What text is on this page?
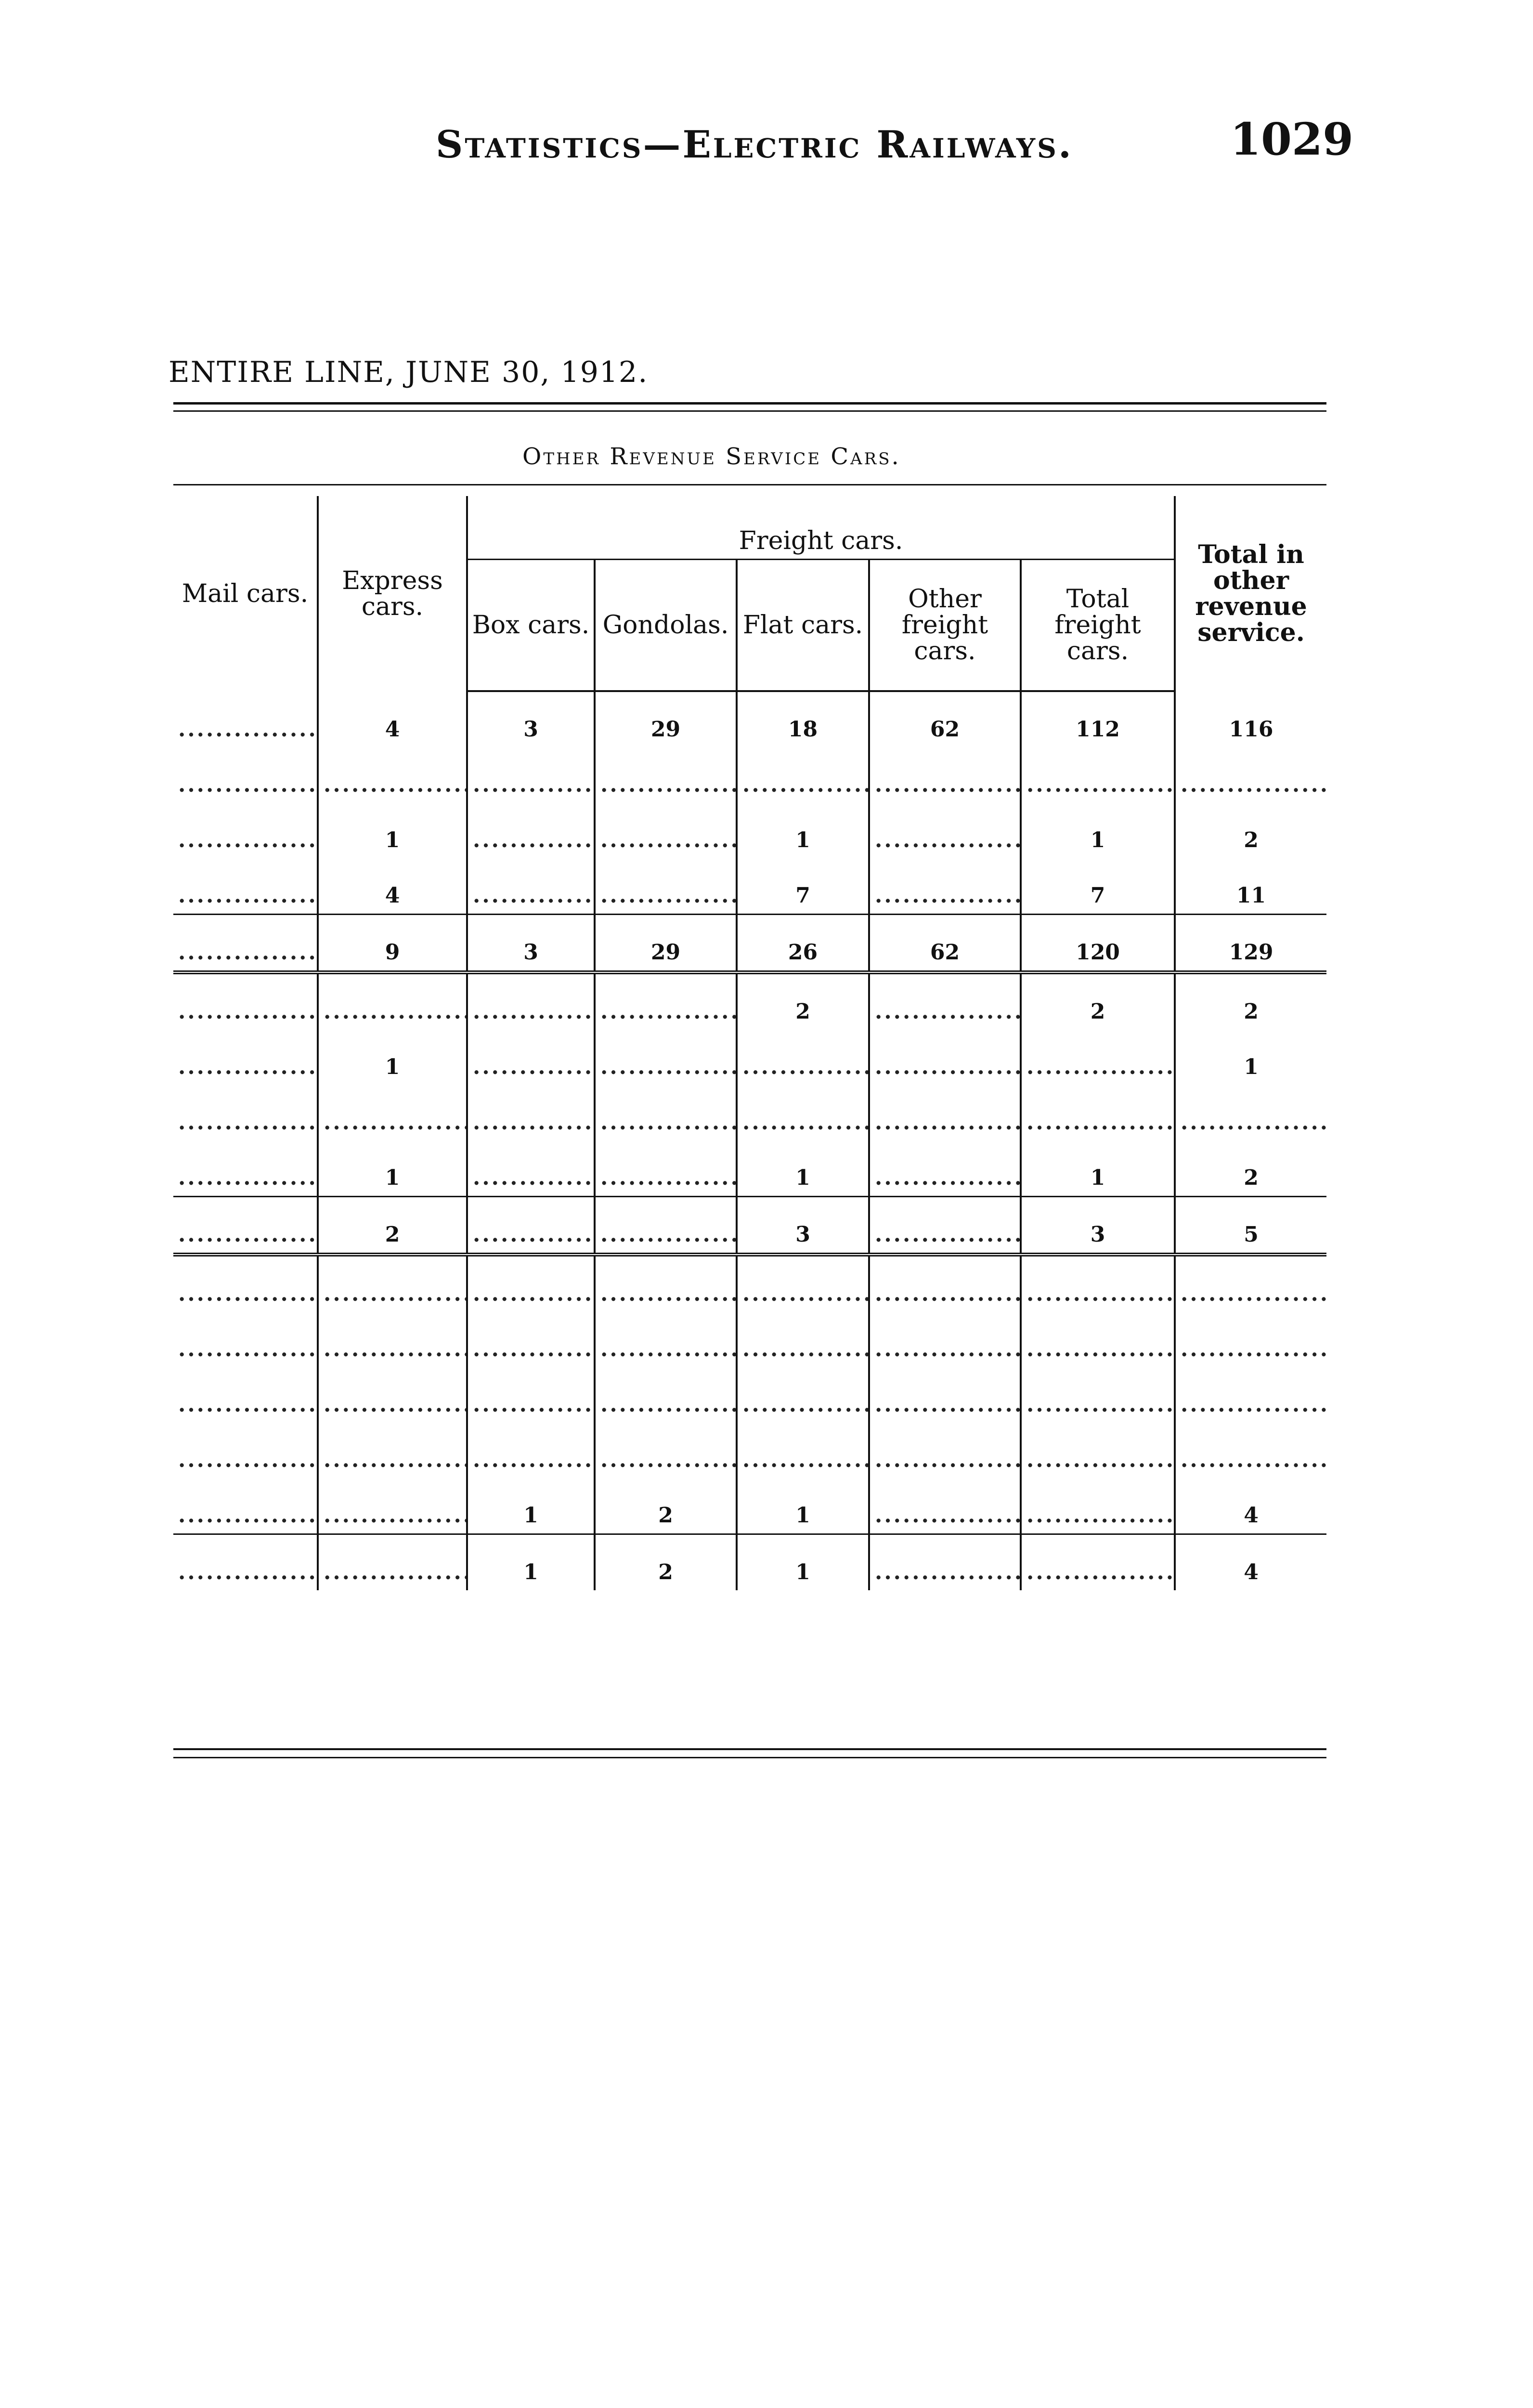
Statistics—Electric Railways.	1029
ENTIRE LINE, JUNE 30, 1912.
Other Revenue Service Cars.
Mail cars.	Express cars.	Freight cars.					Total in other revenue service.
		Box cars.	Gondolas.	Flat cars.	Other freight cars.	Total freight cars.	
.....	4	3	29	18	62	112	116
.....	.....	.....	.....	.....	.....	.....	.....
.....	1	.....	.....	1	.....	1	2
.....	4	.....	.....	7	.....	7	11
.....	9	3	29	26	62	120	129
.....	.....	.....	.....	2	.....	2	2
.....	1	.....	.....	.....	.....	.....	1
.....	.....	.....	.....	.....	.....	.....	.....
.....	1	.....	.....	1	.....	1	2
.....	2	.....	.....	3	.....	3	5
.....	.....	.....	.....	.....	.....	.....	.....
.....	.....	.....	.....	.....	.....	.....	.....
.....	.....	.....	.....	.....	.....	.....	.....
.....	.....	.....	.....	.....	.....	.....	.....
.....	.....	1	2	1	.....	.....	4
.....	.....	1	2	1	.....	.....	4
